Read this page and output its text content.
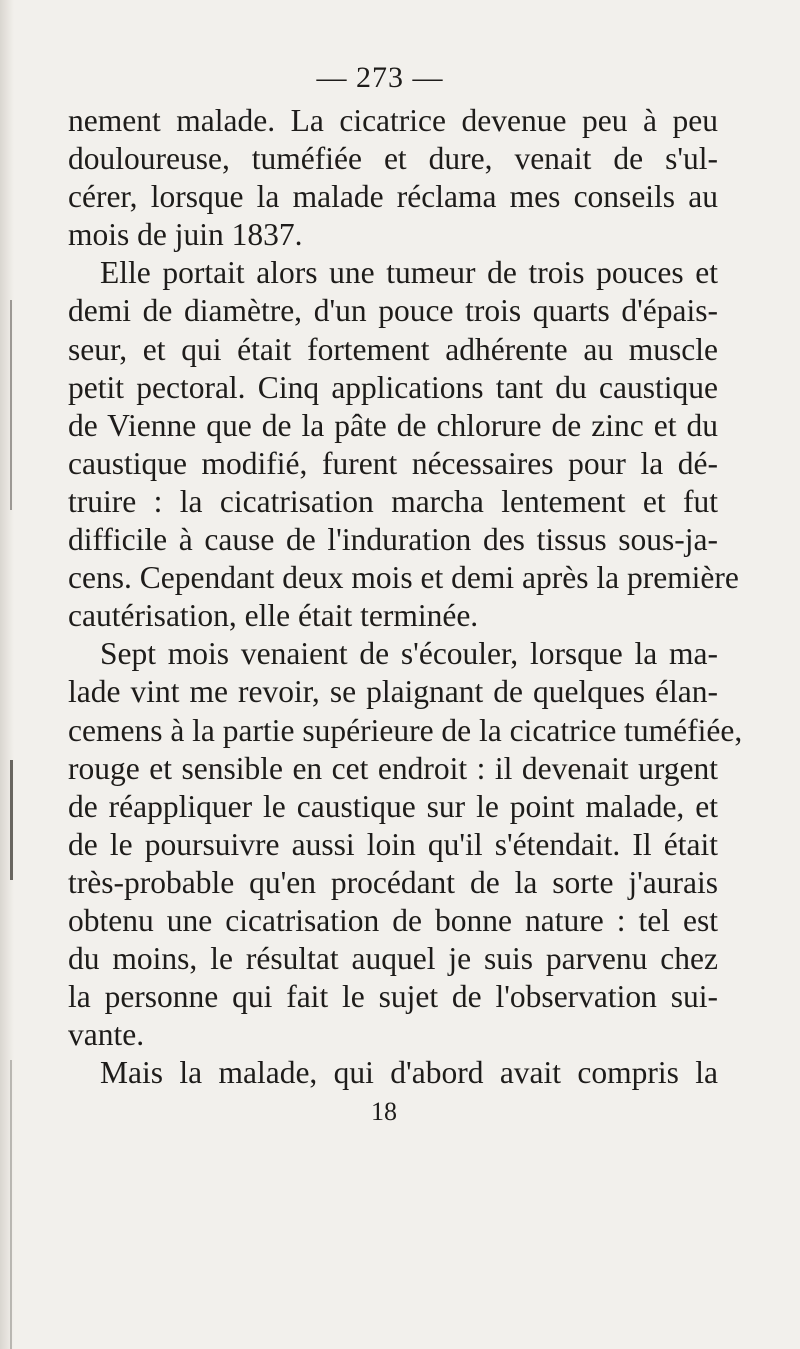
— 273 —
nement malade. La cicatrice devenue peu à peu
douloureuse, tuméfiée et dure, venait de s'ul-
cérer, lorsque la malade réclama mes conseils au
mois de juin 1837.
Elle portait alors une tumeur de trois pouces et
demi de diamètre, d'un pouce trois quarts d'épais-
seur, et qui était fortement adhérente au muscle
petit pectoral. Cinq applications tant du caustique
de Vienne que de la pâte de chlorure de zinc et du
caustique modifié, furent nécessaires pour la dé-
truire : la cicatrisation marcha lentement et fut
difficile à cause de l'induration des tissus sous-ja-
cens. Cependant deux mois et demi après la première
cautérisation, elle était terminée.
Sept mois venaient de s'écouler, lorsque la ma-
lade vint me revoir, se plaignant de quelques élan-
cemens à la partie supérieure de la cicatrice tuméfiée,
rouge et sensible en cet endroit : il devenait urgent
de réappliquer le caustique sur le point malade, et
de le poursuivre aussi loin qu'il s'étendait. Il était
très-probable qu'en procédant de la sorte j'aurais
obtenu une cicatrisation de bonne nature : tel est
du moins, le résultat auquel je suis parvenu chez
la personne qui fait le sujet de l'observation sui-
vante.
Mais la malade, qui d'abord avait compris la
18
